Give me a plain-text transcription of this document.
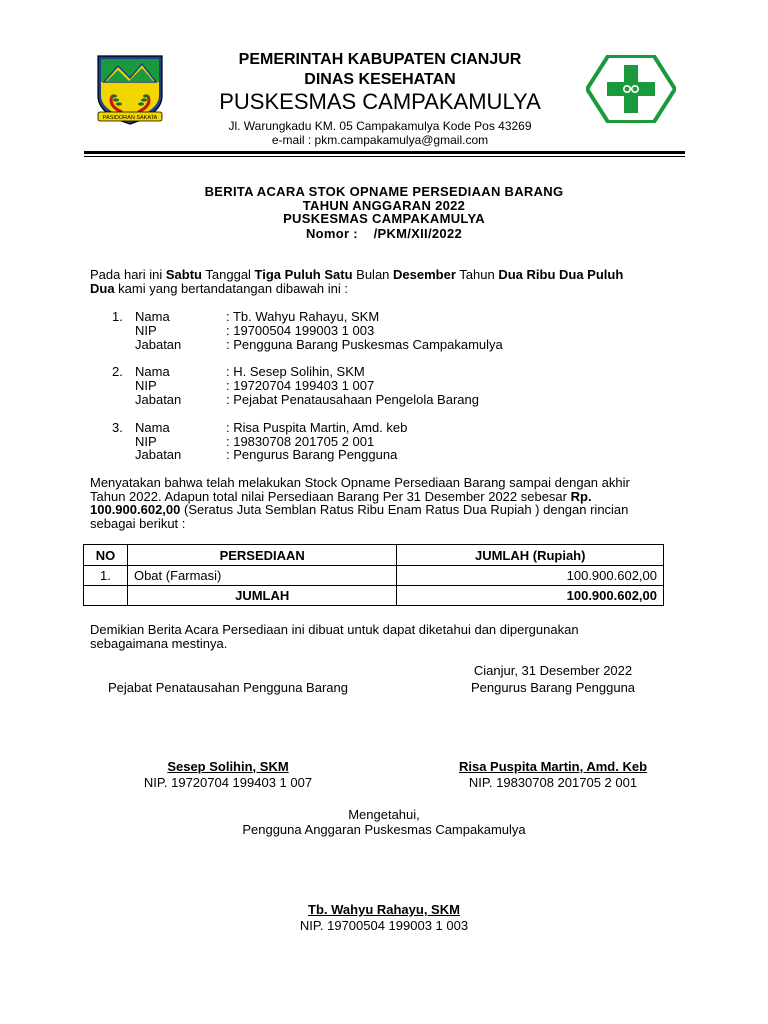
PASIDORAN SAKATA
PEMERINTAH KABUPATEN CIANJUR
DINAS KESEHATAN
PUSKESMAS CAMPAKAMULYA
Jl. Warungkadu KM. 05 Campakamulya Kode Pos 43269
e-mail : pkm.campakamulya@gmail.com
BERITA ACARA STOK OPNAME PERSEDIAAN BARANG
TAHUN ANGGARAN 2022
PUSKESMAS CAMPAKAMULYA
Nomor : /PKM/XII/2022
Pada hari ini Sabtu Tanggal Tiga Puluh Satu Bulan Desember Tahun Dua Ribu Dua Puluh
Dua kami yang bertandatangan dibawah ini :
1. Nama	: Tb. Wahyu Rahayu, SKM
NIP	: 19700504 199003 1 003
Jabatan	: Pengguna Barang Puskesmas Campakamulya
2. Nama	: H. Sesep Solihin, SKM
NIP	: 19720704 199403 1 007
Jabatan	: Pejabat Penatausahaan Pengelola Barang
3. Nama	: Risa Puspita Martin, Amd. keb
NIP	: 19830708 201705 2 001
Jabatan	: Pengurus Barang Pengguna
Menyatakan bahwa telah melakukan Stock Opname Persediaan Barang sampai dengan akhir
Tahun 2022. Adapun total nilai Persediaan Barang Per 31 Desember 2022 sebesar Rp.
100.900.602,00 (Seratus Juta Semblan Ratus Ribu Enam Ratus Dua Rupiah ) dengan rincian
sebagai berikut :
NO	PERSEDIAAN	JUMLAH (Rupiah)
1.	Obat (Farmasi)	100.900.602,00
	JUMLAH	100.900.602,00
Demikian Berita Acara Persediaan ini dibuat untuk dapat diketahui dan dipergunakan
sebagaimana mestinya.
Cianjur, 31 Desember 2022
Pejabat Penatausahan Pengguna Barang	Pengurus Barang Pengguna
Sesep Solihin, SKM
NIP. 19720704 199403 1 007
Risa Puspita Martin, Amd. Keb
NIP. 19830708 201705 2 001
Mengetahui,
Pengguna Anggaran Puskesmas Campakamulya
Tb. Wahyu Rahayu, SKM
NIP. 19700504 199003 1 003
